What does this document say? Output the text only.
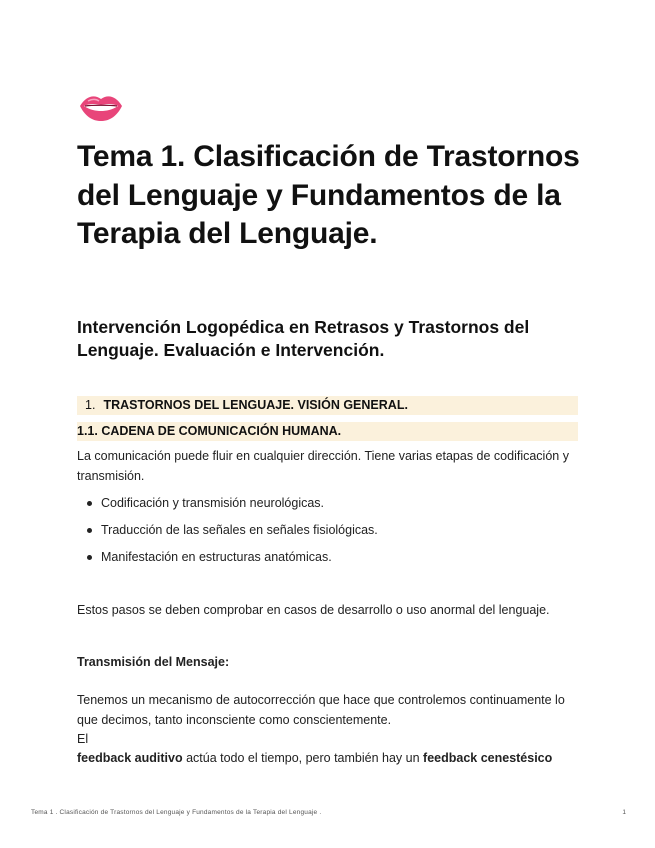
Tema 1. Clasificación de Trastornos del Lenguaje y Fundamentos de la Terapia del Lenguaje.
Intervención Logopédica en Retrasos y Trastornos del Lenguaje. Evaluación e Intervención.
1. TRASTORNOS DEL LENGUAJE. VISIÓN GENERAL.
1.1. CADENA DE COMUNICACIÓN HUMANA.

La comunicación puede fluir en cualquier dirección. Tiene varias etapas de codificación y transmisión.

Codificación y transmisión neurológicas.
Traducción de las señales en señales fisiológicas.
Manifestación en estructuras anatómicas.

Estos pasos se deben comprobar en casos de desarrollo o uso anormal del lenguaje.

Transmisión del Mensaje:

Tenemos un mecanismo de autocorrección que hace que controlemos continuamente lo que decimos, tanto inconsciente como conscientemente.

El

feedback auditivo actúa todo el tiempo, pero también hay un feedback cenestésico

Tema 1 . Clasificación de Trastornos del Lenguaje y Fundamentos de la Terapia del Lenguaje .	1
